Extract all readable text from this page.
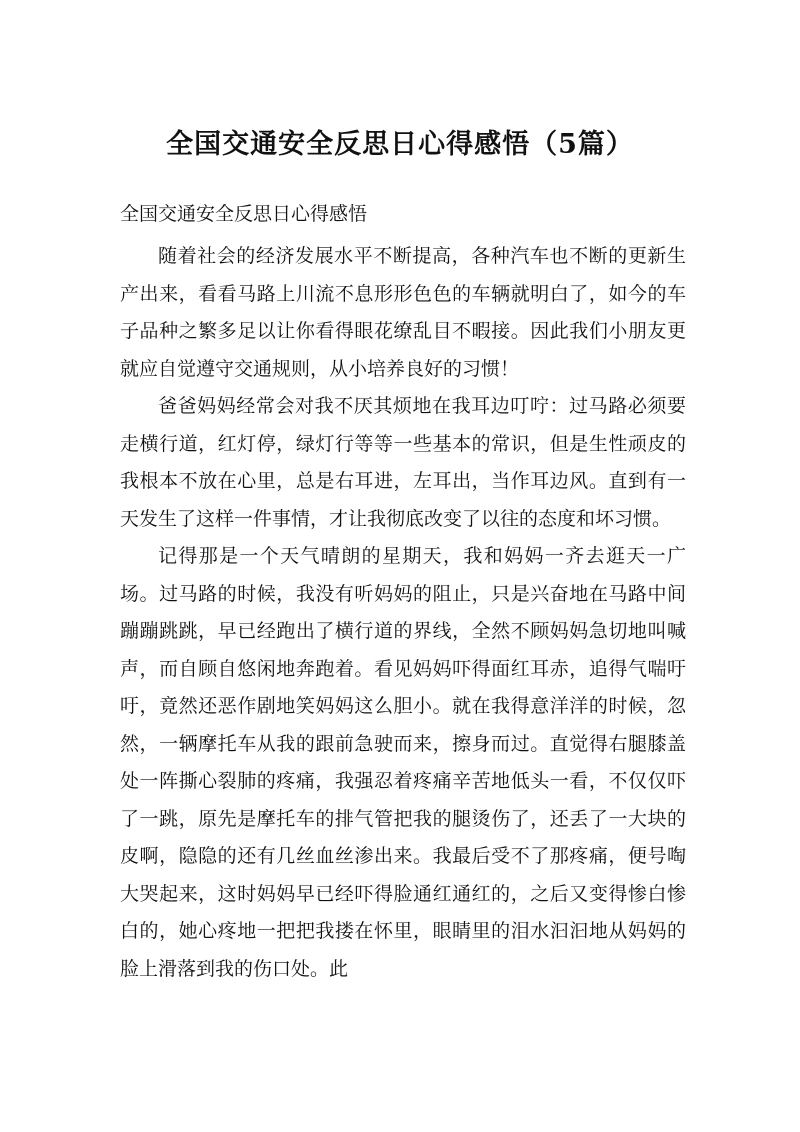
全国交通安全反思日心得感悟（5篇）
全国交通安全反思日心得感悟

随着社会的经济发展水平不断提高，各种汽车也不断的更新生产出来，看看马路上川流不息形形色色的车辆就明白了，如今的车子品种之繁多足以让你看得眼花缭乱目不暇接。因此我们小朋友更就应自觉遵守交通规则，从小培养良好的习惯！

爸爸妈妈经常会对我不厌其烦地在我耳边叮咛：过马路必须要走横行道，红灯停，绿灯行等等一些基本的常识，但是生性顽皮的我根本不放在心里，总是右耳进，左耳出，当作耳边风。直到有一天发生了这样一件事情，才让我彻底改变了以往的态度和坏习惯。

记得那是一个天气晴朗的星期天，我和妈妈一齐去逛天一广场。过马路的时候，我没有听妈妈的阻止，只是兴奋地在马路中间蹦蹦跳跳，早已经跑出了横行道的界线，全然不顾妈妈急切地叫喊声，而自顾自悠闲地奔跑着。看见妈妈吓得面红耳赤，追得气喘吁吁，竟然还恶作剧地笑妈妈这么胆小。就在我得意洋洋的时候，忽然，一辆摩托车从我的跟前急驶而来，擦身而过。直觉得右腿膝盖处一阵撕心裂肺的疼痛，我强忍着疼痛辛苦地低头一看，不仅仅吓了一跳，原先是摩托车的排气管把我的腿烫伤了，还丢了一大块的皮啊，隐隐的还有几丝血丝渗出来。我最后受不了那疼痛，便号啕大哭起来，这时妈妈早已经吓得脸通红通红的，之后又变得惨白惨白的，她心疼地一把把我搂在怀里，眼睛里的泪水汩汩地从妈妈的脸上滑落到我的伤口处。此
